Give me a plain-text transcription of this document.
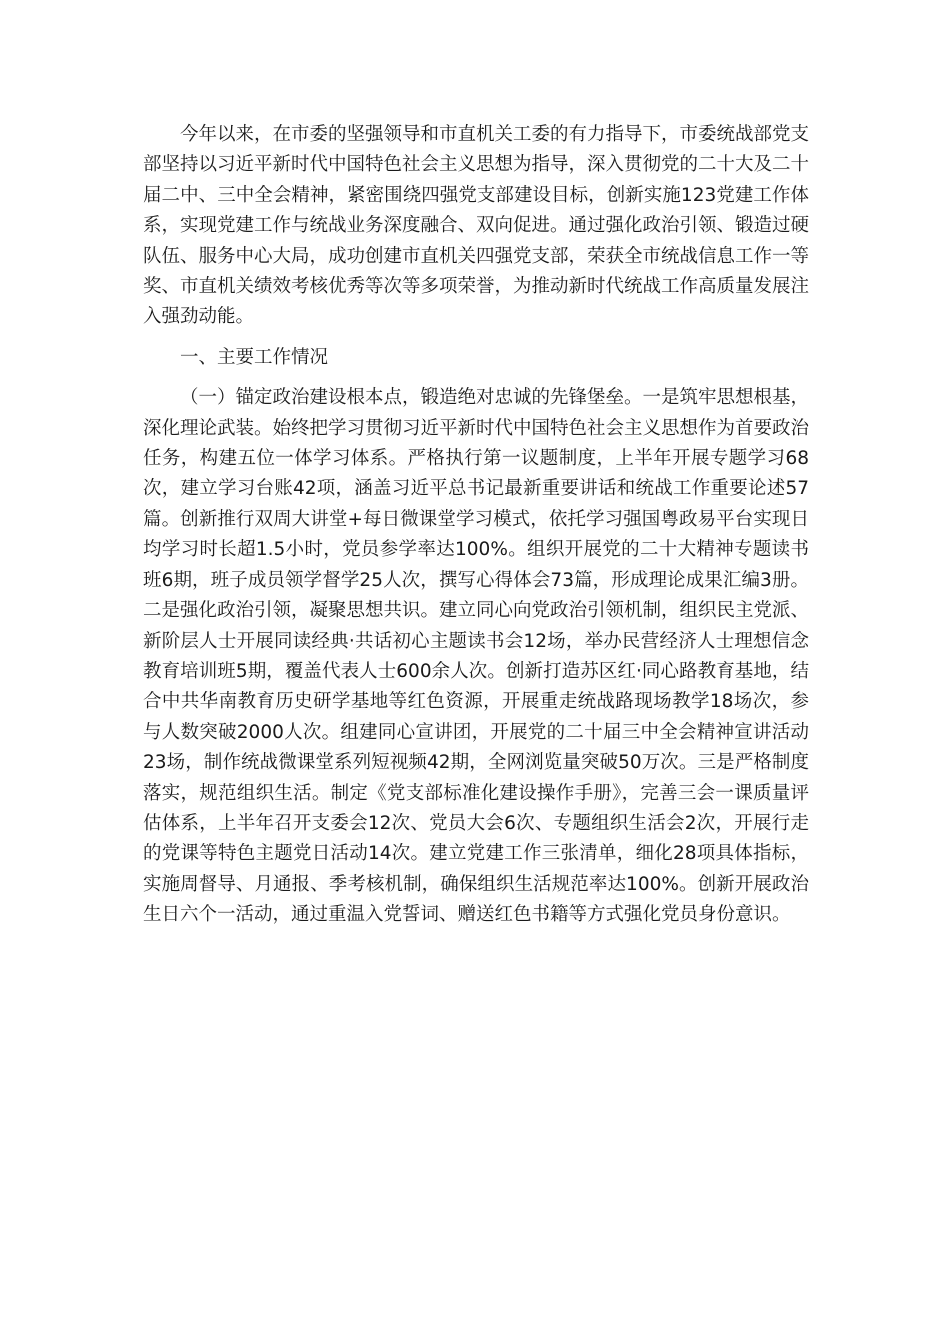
今年以来，在市委的坚强领导和市直机关工委的有力指导下，市委统战部党支部坚持以习近平新时代中国特色社会主义思想为指导，深入贯彻党的二十大及二十届二中、三中全会精神，紧密围绕四强党支部建设目标，创新实施123党建工作体系，实现党建工作与统战业务深度融合、双向促进。通过强化政治引领、锻造过硬队伍、服务中心大局，成功创建市直机关四强党支部，荣获全市统战信息工作一等奖、市直机关绩效考核优秀等次等多项荣誉，为推动新时代统战工作高质量发展注入强劲动能。

一、主要工作情况

（一）锚定政治建设根本点，锻造绝对忠诚的先锋堡垒。一是筑牢思想根基，深化理论武装。始终把学习贯彻习近平新时代中国特色社会主义思想作为首要政治任务，构建五位一体学习体系。严格执行第一议题制度，上半年开展专题学习68次，建立学习台账42项，涵盖习近平总书记最新重要讲话和统战工作重要论述57篇。创新推行双周大讲堂+每日微课堂学习模式，依托学习强国粤政易平台实现日均学习时长超1.5小时，党员参学率达100%。组织开展党的二十大精神专题读书班6期，班子成员领学督学25人次，撰写心得体会73篇，形成理论成果汇编3册。二是强化政治引领，凝聚思想共识。建立同心向党政治引领机制，组织民主党派、新阶层人士开展同读经典·共话初心主题读书会12场，举办民营经济人士理想信念教育培训班5期，覆盖代表人士600余人次。创新打造苏区红·同心路教育基地，结合中共华南教育历史研学基地等红色资源，开展重走统战路现场教学18场次，参与人数突破2000人次。组建同心宣讲团，开展党的二十届三中全会精神宣讲活动23场，制作统战微课堂系列短视频42期，全网浏览量突破50万次。三是严格制度落实，规范组织生活。制定《党支部标准化建设操作手册》，完善三会一课质量评估体系，上半年召开支委会12次、党员大会6次、专题组织生活会2次，开展行走的党课等特色主题党日活动14次。建立党建工作三张清单，细化28项具体指标，实施周督导、月通报、季考核机制，确保组织生活规范率达100%。创新开展政治生日六个一活动，通过重温入党誓词、赠送红色书籍等方式强化党员身份意识。
